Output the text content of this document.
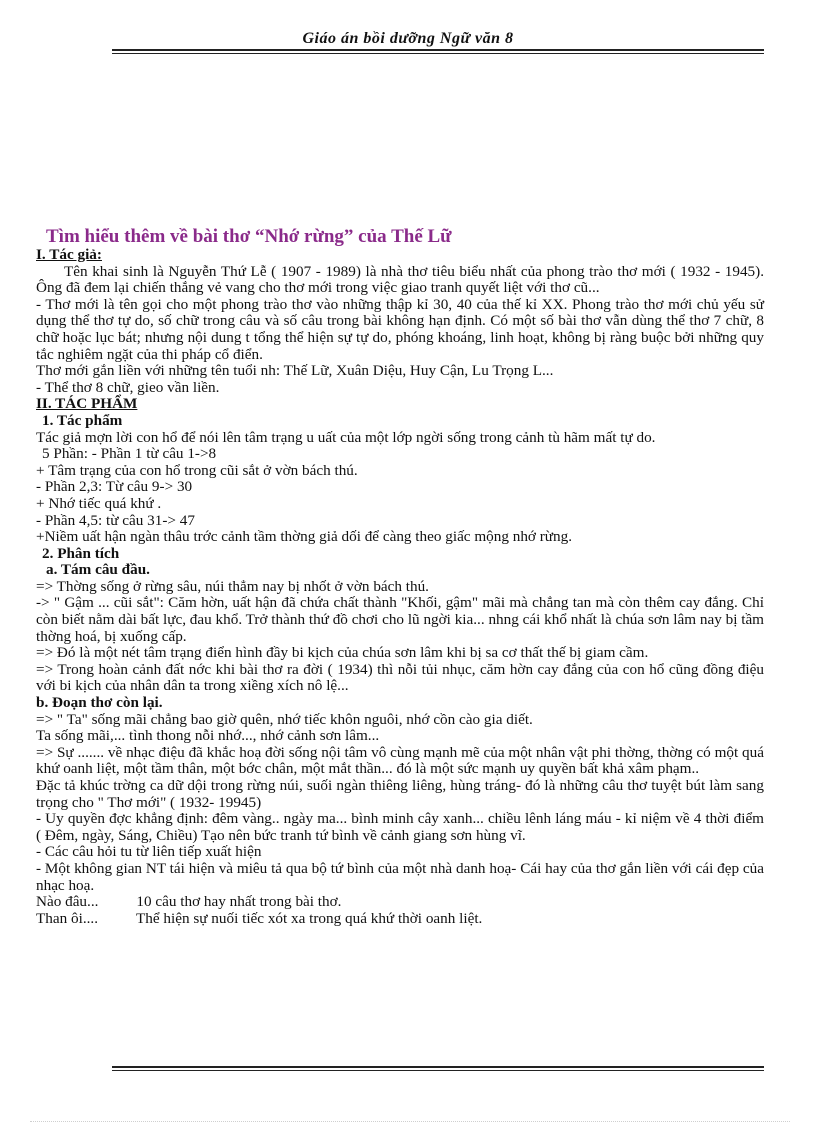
Giáo án bồi dưỡng Ngữ văn 8
Tìm hiểu thêm về bài thơ “Nhớ rừng” của Thế Lữ

I. Tác giả:

Tên khai sinh là Nguyễn Thứ Lễ ( 1907 - 1989) là nhà thơ tiêu biểu nhất của phong trào thơ mới ( 1932 - 1945). Ông đã đem lại chiến thắng vẻ vang cho thơ mới trong việc giao tranh quyết liệt với thơ cũ...

- Thơ mới là tên gọi cho một phong trào thơ vào những thập kỉ 30, 40 của thế kỉ XX. Phong trào thơ mới chủ yếu sử dụng thể thơ tự do, số chữ trong câu và số câu trong bài không hạn định. Có một số bài thơ vẫn dùng thể thơ 7 chữ, 8 chữ hoặc lục bát; nhưng nội dung t tổng thể hiện sự tự do, phóng khoáng, linh hoạt, không bị ràng buộc bởi những quy tắc nghiêm ngặt của thi pháp cổ điển.

Thơ mới gắn liền với những tên tuổi nh: Thế Lữ, Xuân Diệu, Huy Cận, Lu Trọng L...

- Thể thơ 8 chữ, gieo vần liền.

II. TÁC PHẨM

1. Tác phẩm

Tác giả mợn lời con hổ để nói lên tâm trạng u uất của một lớp ngời sống trong cảnh tù hãm mất tự do.

5 Phần: - Phần 1 từ câu 1->8

+ Tâm trạng của con hổ trong cũi sắt ở vờn bách thú.

- Phần 2,3: Từ câu 9-> 30

+ Nhớ tiếc quá khứ .

- Phần 4,5: từ câu 31-> 47

+Niềm uất hận ngàn thâu trớc cảnh tầm thờng giả dối để càng theo giấc mộng nhớ rừng.

2. Phân tích

a. Tám câu đầu.

=> Thờng sống ở rừng sâu, núi thẳm nay bị nhốt ở vờn bách thú.

-> " Gậm ... cũi sắt": Căm hờn, uất hận đã chứa chất thành "Khối, gậm" mãi mà chẳng tan mà còn thêm cay đắng. Chỉ còn biết nằm dài bất lực, đau khổ. Trở thành thứ đồ chơi cho lũ ngời kia... nhng cái khổ nhất là chúa sơn lâm nay bị tầm thờng hoá, bị xuống cấp.

=> Đó là một nét tâm trạng điển hình đầy bi kịch của chúa sơn lâm khi bị sa cơ thất thế bị giam cầm.

=> Trong hoàn cảnh đất nớc khi bài thơ ra đời ( 1934) thì nỗi tủi nhục, căm hờn cay đắng của con hổ cũng đồng điệu với bi kịch của nhân dân ta trong xiềng xích nô lệ...

b. Đoạn thơ còn lại.

=> " Ta" sống mãi chẳng bao giờ quên, nhớ tiếc khôn nguôi, nhớ cồn cào gia diết.

Ta sống mãi,... tình thong nỗi nhớ..., nhớ cảnh sơn lâm...

=> Sự ....... về nhạc điệu đã khắc hoạ đời sống nội tâm vô cùng mạnh mẽ của một nhân vật phi thờng, thờng có một quá khứ oanh liệt, một tầm thân, một bớc chân, một mắt thần... đó là một sức mạnh uy quyền bất khả xâm phạm..

Đặc tả khúc trờng ca dữ dội trong rừng núi, suối ngàn thiêng liêng, hùng tráng- đó là những câu thơ tuyệt bút làm sang trọng cho " Thơ mới" ( 1932- 19945)

- Uy quyền đợc khẳng định: đêm vàng.. ngày ma... bình minh cây xanh... chiều lênh láng máu - kỉ niệm về 4 thời điểm ( Đêm, ngày, Sáng, Chiều) Tạo nên bức tranh tứ bình về cảnh giang sơn hùng vĩ.

- Các câu hỏi tu từ liên tiếp xuất hiện

- Một không gian NT tái hiện và miêu tả qua bộ tứ bình của một nhà danh hoạ- Cái hay của thơ gắn liền với cái đẹp của nhạc hoạ.

Nào đâu...	10 câu thơ hay nhất trong bài thơ.

Than ôi....	Thể hiện sự nuối tiếc xót xa trong quá khứ thời oanh liệt.
